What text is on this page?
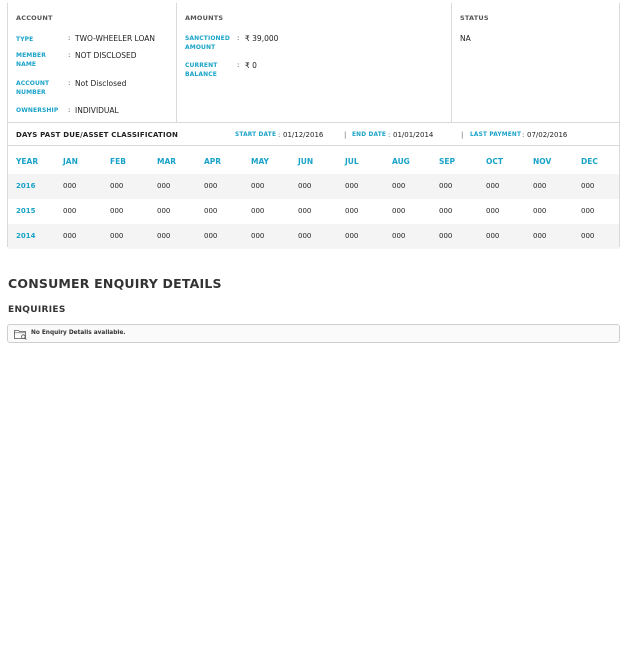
ACCOUNT
TYPE	: TWO-WHEELER LOAN
MEMBER NAME
: NOT DISCLOSED
ACCOUNT NUMBER
: Not Disclosed
OWNERSHIP	: INDIVIDUAL
AMOUNTS
SANCTIONED AMOUNT
: ₹ 39,000
CURRENT BALANCE
: ₹ 0
STATUS
NA
DAYS PAST DUE/ASSET CLASSIFICATION	START DATE : 01/12/2016	| END DATE : 01/01/2014	| LAST PAYMENT : 07/02/2016
YEAR	JAN	FEB	MAR	APR	MAY	JUN	JUL	AUG	SEP	OCT	NOV	DEC
2016	000	000	000	000	000	000	000	000	000	000	000	000
2015	000	000	000	000	000	000	000	000	000	000	000	000
2014	000	000	000	000	000	000	000	000	000	000	000	000
CONSUMER ENQUIRY DETAILS
ENQUIRIES
No Enquiry Details available.
